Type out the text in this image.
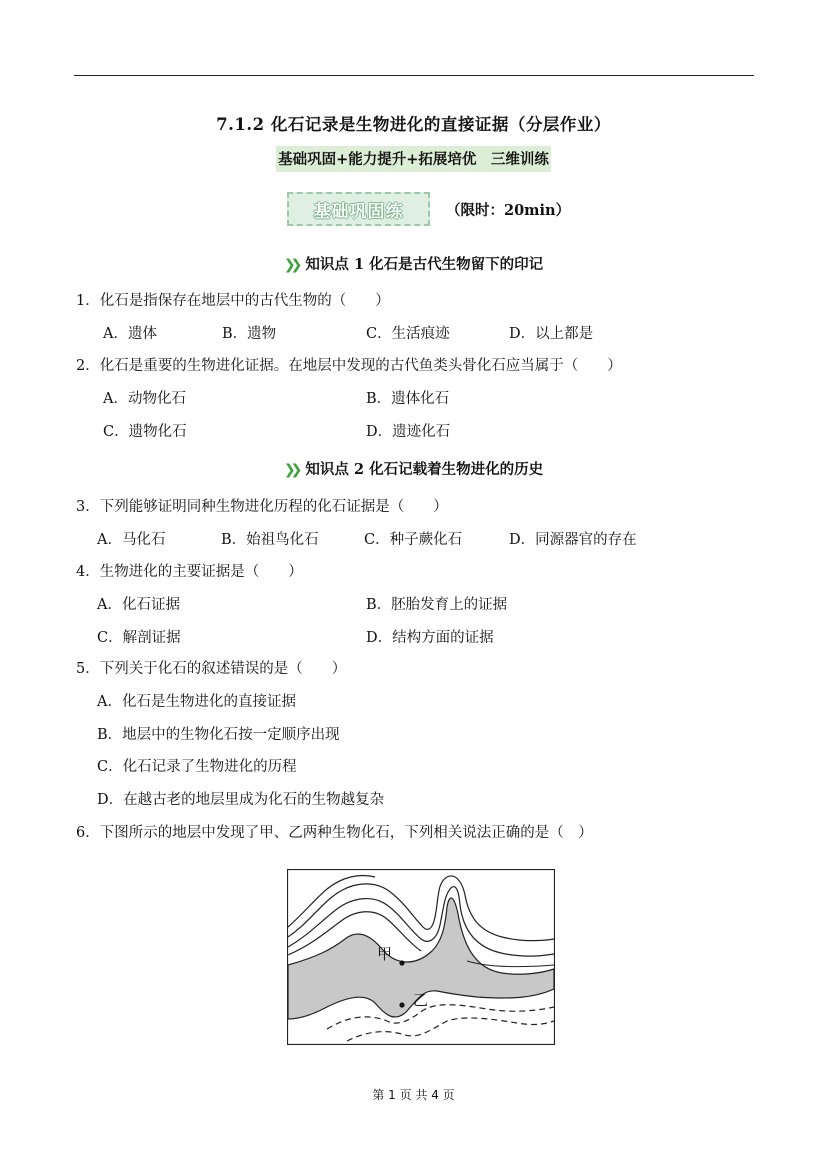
7.1.2 化石记录是生物进化的直接证据（分层作业）
基础巩固+能力提升+拓展培优　三维训练
基础巩固练	（限时：20min）
❯❯ 知识点 1 化石是古代生物留下的印记
1．化石是指保存在地层中的古代生物的（　　）
A．遗体	B．遗物	C．生活痕迹	D．以上都是
2．化石是重要的生物进化证据。在地层中发现的古代鱼类头骨化石应当属于（　　）
A．动物化石	B．遗体化石
C．遗物化石	D．遗迹化石
❯❯ 知识点 2 化石记载着生物进化的历史
3．下列能够证明同种生物进化历程的化石证据是（　　）
A．马化石	B．始祖鸟化石	C．种子蕨化石	D．同源器官的存在
4．生物进化的主要证据是（　　）
A．化石证据	B．胚胎发育上的证据
C．解剖证据	D．结构方面的证据
5．下列关于化石的叙述错误的是（　　）
A．化石是生物进化的直接证据
B．地层中的生物化石按一定顺序出现
C．化石记录了生物进化的历程
D．在越古老的地层里成为化石的生物越复杂
6．下图所示的地层中发现了甲、乙两种生物化石，下列相关说法正确的是（　）
甲
乙
第 1 页 共 4 页
